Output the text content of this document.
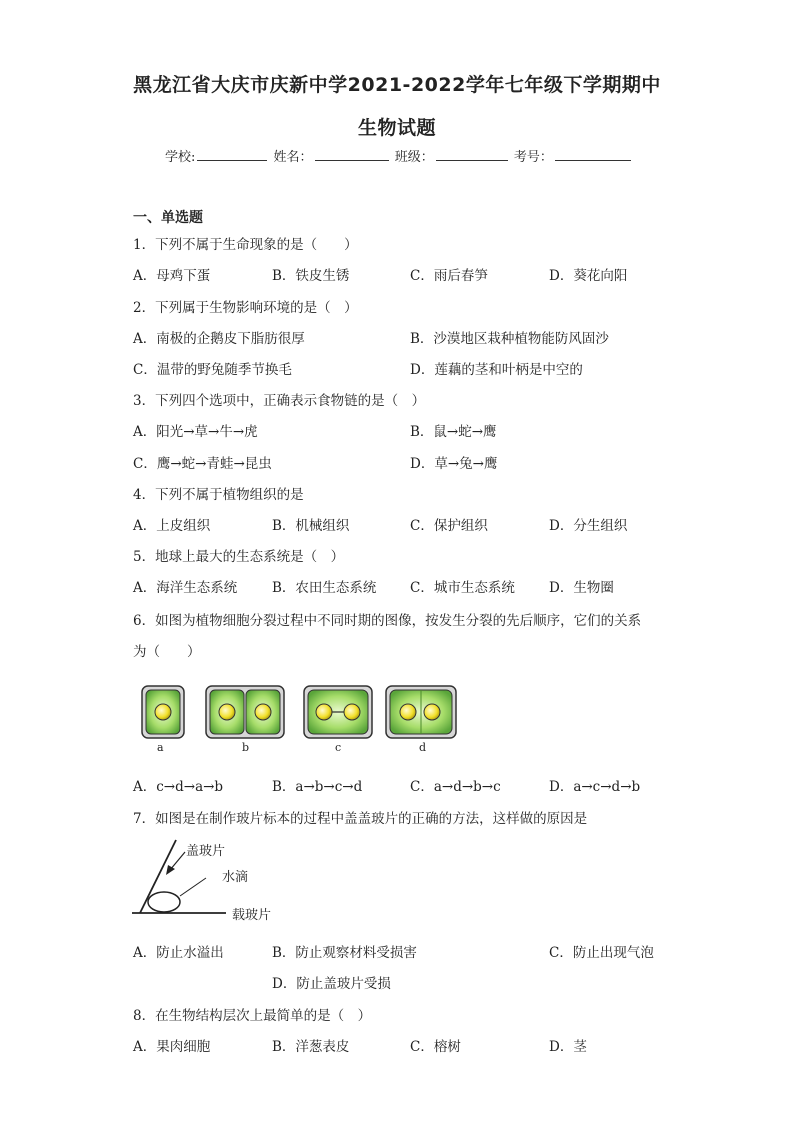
黑龙江省大庆市庆新中学2021-2022学年七年级下学期期中
生物试题
学校:	姓名：	班级：	考号：
一、单选题
1．下列不属于生命现象的是（　　）
A．母鸡下蛋	B．铁皮生锈	C．雨后春笋	D．葵花向阳
2．下列属于生物影响环境的是（　）
A．南极的企鹅皮下脂肪很厚	B．沙漠地区栽种植物能防风固沙
C．温带的野兔随季节换毛	D．莲藕的茎和叶柄是中空的
3．下列四个选项中，正确表示食物链的是（　）
A．阳光→草→牛→虎	B．鼠→蛇→鹰
C．鹰→蛇→青蛙→昆虫	D．草→兔→鹰
4．下列不属于植物组织的是
A．上皮组织	B．机械组织	C．保护组织	D．分生组织
5．地球上最大的生态系统是（　）
A．海洋生态系统	B．农田生态系统 C．城市生态系统	D．生物圈
6．如图为植物细胞分裂过程中不同时期的图像，按发生分裂的先后顺序，它们的关系
为（　　）
a	b	c	d
A．c→d→a→b	B．a→b→c→d	C．a→d→b→c	D．a→c→d→b
7．如图是在制作玻片标本的过程中盖盖玻片的正确的方法，这样做的原因是
盖玻片
水滴
载玻片
A．防止水溢出	B．防止观察材料受损害	C．防止出现气泡
D．防止盖玻片受损
8．在生物结构层次上最简单的是（　）
A．果肉细胞	B．洋葱表皮	C．榕树	D．茎
